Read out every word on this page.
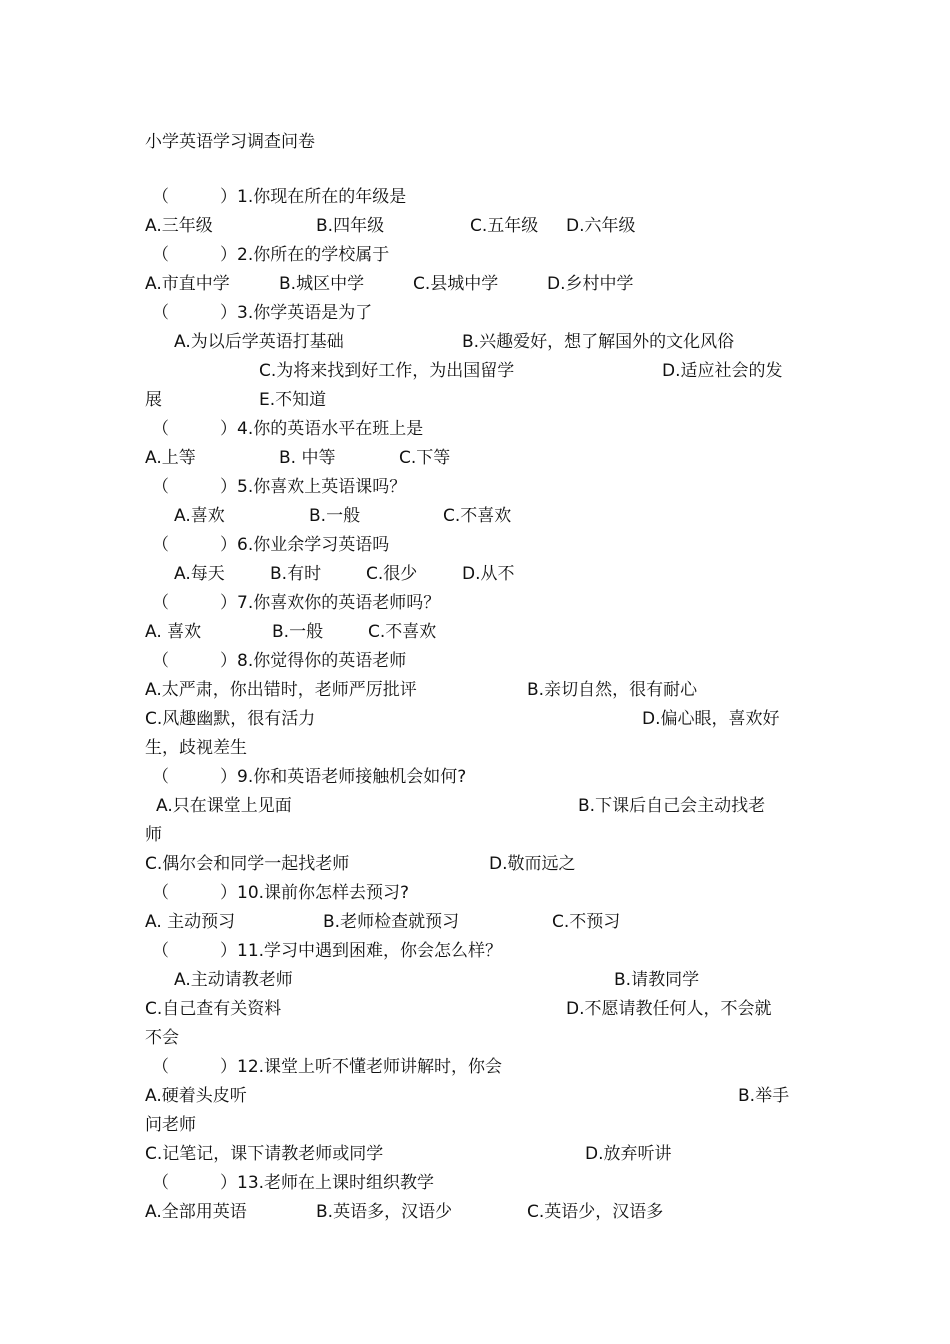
小学英语学习调查问卷
（　　　）1.你现在所在的年级是
A.三年级	B.四年级	C.五年级 D.六年级
（　　　）2.你所在的学校属于
A.市直中学	B.城区中学	C.县城中学	D.乡村中学
（　　　）3.你学英语是为了
A.为以后学英语打基础	B.兴趣爱好，想了解国外的文化风俗
C.为将来找到好工作，为出国留学	D.适应社会的发
展	E.不知道
（　　　）4.你的英语水平在班上是
A.上等	B. 中等	C.下等
（　　　）5.你喜欢上英语课吗？
A.喜欢	B.一般	C.不喜欢
（　　　）6.你业余学习英语吗
A.每天	B.有时	C.很少	D.从不
（　　　）7.你喜欢你的英语老师吗？
A. 喜欢	B.一般	C.不喜欢
（　　　）8.你觉得你的英语老师
A.太严肃，你出错时，老师严厉批评	B.亲切自然，很有耐心
C.风趣幽默，很有活力	D.偏心眼，喜欢好
生，歧视差生
（　　　）9.你和英语老师接触机会如何?
A.只在课堂上见面	B.下课后自己会主动找老
师
C.偶尔会和同学一起找老师	D.敬而远之
（　　　）10.课前你怎样去预习?
A. 主动预习	B.老师检查就预习	C.不预习
（　　　）11.学习中遇到困难，你会怎么样？
A.主动请教老师	B.请教同学
C.自己查有关资料	D.不愿请教任何人，不会就
不会
（　　　）12.课堂上听不懂老师讲解时，你会
A.硬着头皮听	B.举手
问老师
C.记笔记，课下请教老师或同学	D.放弃听讲
（　　　）13.老师在上课时组织教学
A.全部用英语	B.英语多，汉语少	C.英语少，汉语多
